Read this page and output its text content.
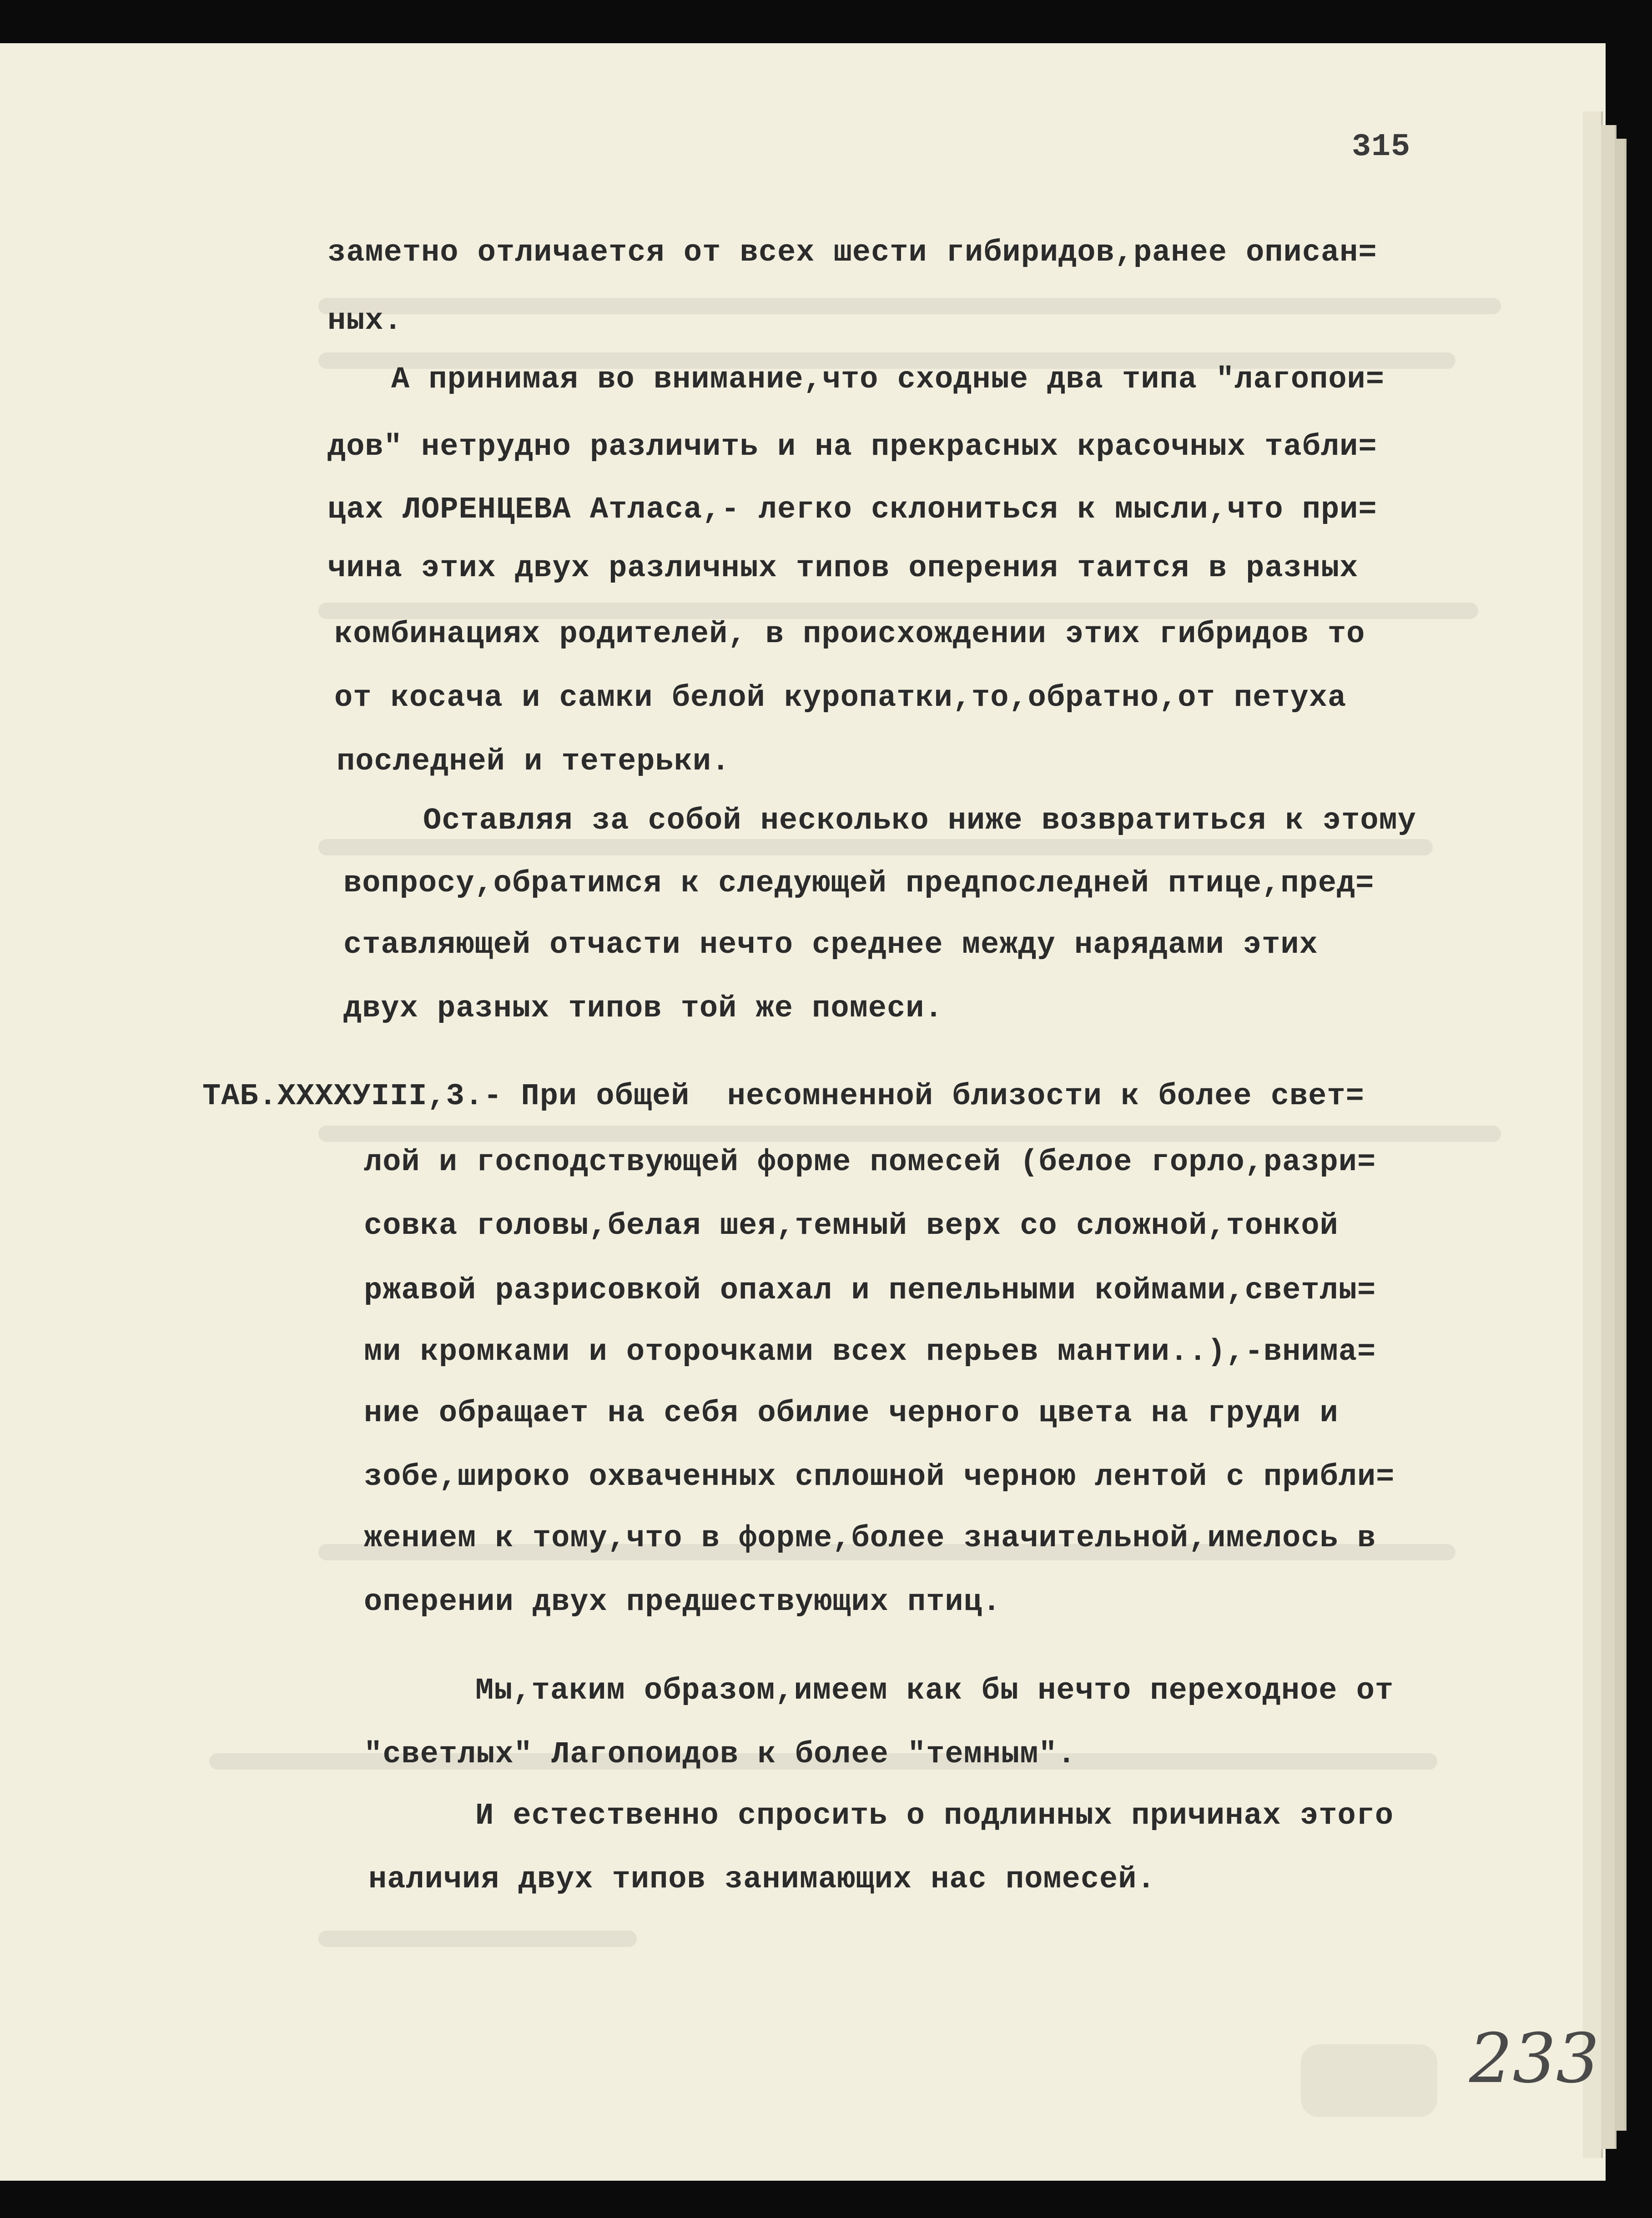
315

заметно отличается от всех шести гибиридов,ранее описан=

ных.

А принимая во внимание,что сходные два типа "лагопои=

дов" нетрудно различить и на прекрасных красочных табли=

цах ЛОРЕНЦЕВА Атласа,- легко склониться к мысли,что при=

чина этих двух различных типов оперения таится в разных

комбинациях родителей, в происхождении этих гибридов то

от косача и самки белой куропатки,то,обратно,от петуха

последней и тетерьки.

Оставляя за собой несколько ниже возвратиться к этому

вопросу,обратимся к следующей предпоследней птице,пред=

ставляющей отчасти нечто среднее между нарядами этих

двух разных типов той же помеси.

ТАБ.XXXXУIII,3.- При общей  несомненной близости к более свет=

лой и господствующей форме помесей (белое горло,разри=

совка головы,белая шея,темный верх со сложной,тонкой

ржавой разрисовкой опахал и пепельными коймами,светлы=

ми кромками и оторочками всех перьев мантии..),-внима=

ние обращает на себя обилие черного цвета на груди и

зобе,широко охваченных сплошной черною лентой с прибли=

жением к тому,что в форме,более значительной,имелось в

оперении двух предшествующих птиц.

Мы,таким образом,имеем как бы нечто переходное от

"светлых" Лагопоидов к более "темным".

И естественно спросить о подлинных причинах этого

наличия двух типов занимающих нас помесей.

233
